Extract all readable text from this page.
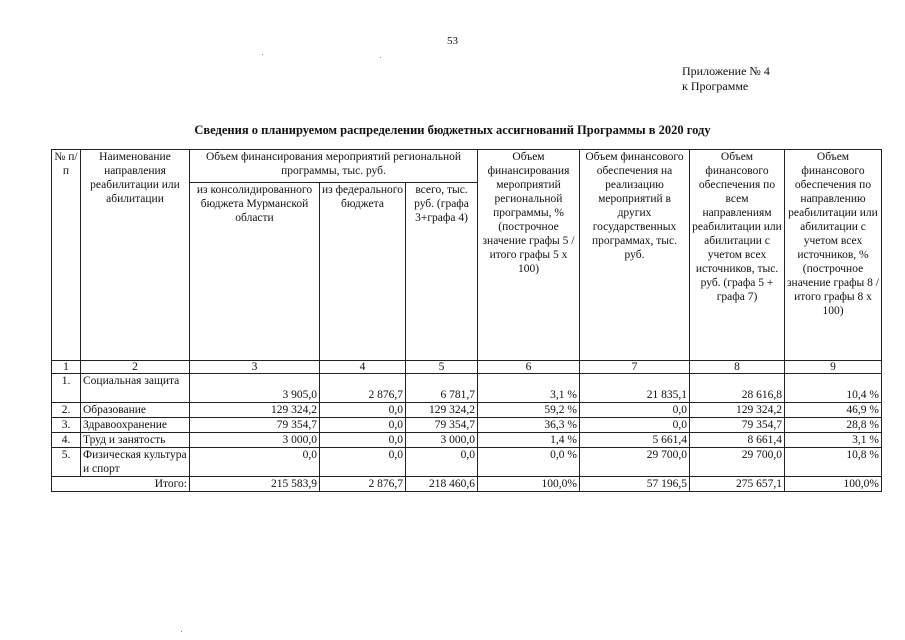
53
Приложение № 4
к Программе
Сведения о планируемом распределении бюджетных ассигнований Программы в 2020 году
№ п/п	Наименование направления реабилитации или абилитации	Объем финансирования мероприятий региональной программы, тыс. руб.			Объем финансирования мероприятий региональной программы, % (построчное значение графы 5 / итого графы 5 x 100)	Объем финансового обеспечения на реализацию мероприятий в других государственных программах, тыс. руб.	Объем финансового обеспечения по всем направлениям реабилитации или абилитации с учетом всех источников, тыс. руб. (графа 5 + графа 7)	Объем финансового обеспечения по направлению реабилитации или абилитации с учетом всех источников, % (построчное значение графы 8 / итого графы 8 x 100)
		из консолидированного бюджета Мурманской области	из федерального бюджета	всего, тыс. руб. (графа 3+графа 4)				
1	2	3	4	5	6	7	8	9
1.	Социальная защита	3 905,0	2 876,7	6 781,7	3,1 %	21 835,1	28 616,8	10,4 %
2.	Образование	129 324,2	0,0	129 324,2	59,2 %	0,0	129 324,2	46,9 %
3.	Здравоохранение	79 354,7	0,0	79 354,7	36,3 %	0,0	79 354,7	28,8 %
4.	Труд и занятость	3 000,0	0,0	3 000,0	1,4 %	5 661,4	8 661,4	3,1 %
5.	Физическая культура и спорт	0,0	0,0	0,0	0,0 %	29 700,0	29 700,0	10,8 %
Итого:		215 583,9	2 876,7	218 460,6	100,0%	57 196,5	275 657,1	100,0%
